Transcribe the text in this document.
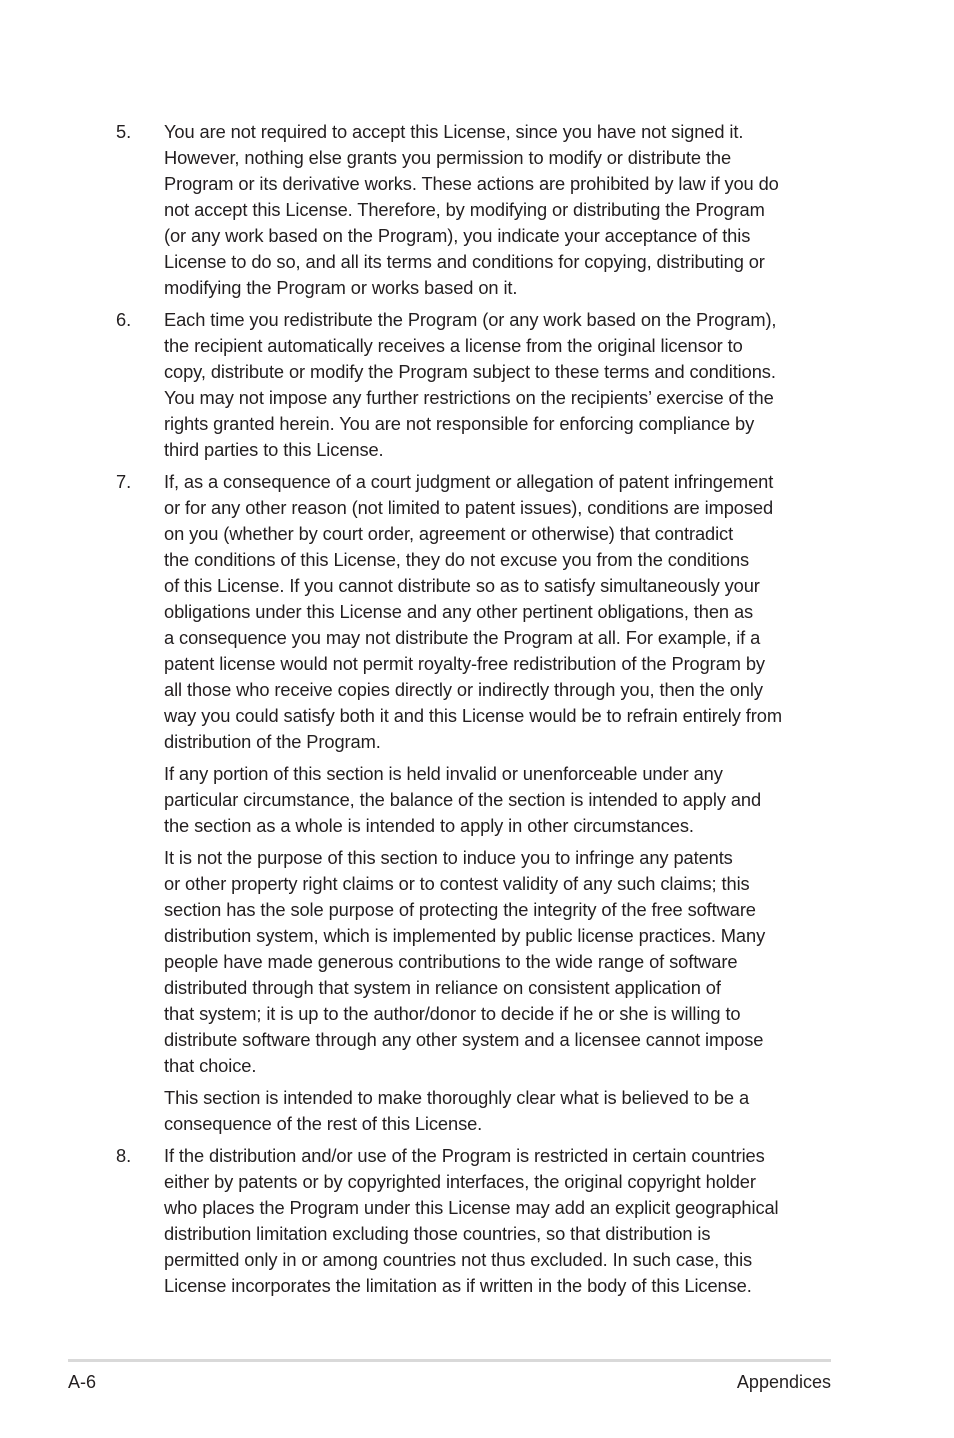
5. You are not required to accept this License, since you have not signed it.
However, nothing else grants you permission to modify or distribute the
Program or its derivative works. These actions are prohibited by law if you do
not accept this License. Therefore, by modifying or distributing the Program
(or any work based on the Program), you indicate your acceptance of this
License to do so, and all its terms and conditions for copying, distributing or
modifying the Program or works based on it.

6. Each time you redistribute the Program (or any work based on the Program),
the recipient automatically receives a license from the original licensor to
copy, distribute or modify the Program subject to these terms and conditions.
You may not impose any further restrictions on the recipients’ exercise of the
rights granted herein. You are not responsible for enforcing compliance by
third parties to this License.

7. If, as a consequence of a court judgment or allegation of patent infringement
or for any other reason (not limited to patent issues), conditions are imposed
on you (whether by court order, agreement or otherwise) that contradict
the conditions of this License, they do not excuse you from the conditions
of this License. If you cannot distribute so as to satisfy simultaneously your
obligations under this License and any other pertinent obligations, then as
a consequence you may not distribute the Program at all. For example, if a
patent license would not permit royalty-free redistribution of the Program by
all those who receive copies directly or indirectly through you, then the only
way you could satisfy both it and this License would be to refrain entirely from
distribution of the Program.

If any portion of this section is held invalid or unenforceable under any
particular circumstance, the balance of the section is intended to apply and
the section as a whole is intended to apply in other circumstances.

It is not the purpose of this section to induce you to infringe any patents
or other property right claims or to contest validity of any such claims; this
section has the sole purpose of protecting the integrity of the free software
distribution system, which is implemented by public license practices. Many
people have made generous contributions to the wide range of software
distributed through that system in reliance on consistent application of
that system; it is up to the author/donor to decide if he or she is willing to
distribute software through any other system and a licensee cannot impose
that choice.

This section is intended to make thoroughly clear what is believed to be a
consequence of the rest of this License.

8. If the distribution and/or use of the Program is restricted in certain countries
either by patents or by copyrighted interfaces, the original copyright holder
who places the Program under this License may add an explicit geographical
distribution limitation excluding those countries, so that distribution is
permitted only in or among countries not thus excluded. In such case, this
License incorporates the limitation as if written in the body of this License.

A-6	Appendices
